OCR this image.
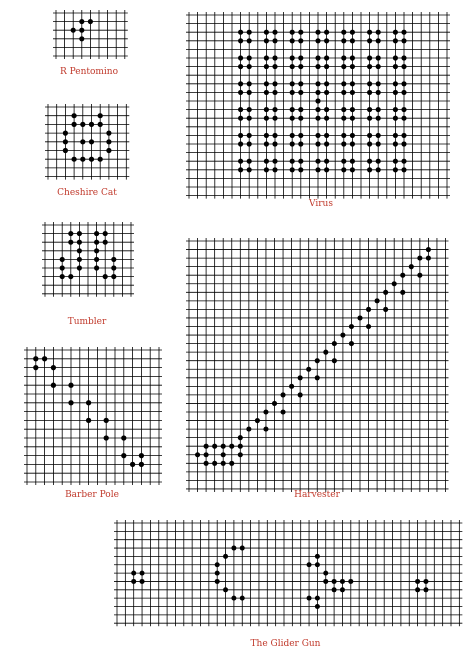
R Pentomino
Cheshire Cat
Tumbler
Barber Pole
Virus
Harvester
The Glider Gun
